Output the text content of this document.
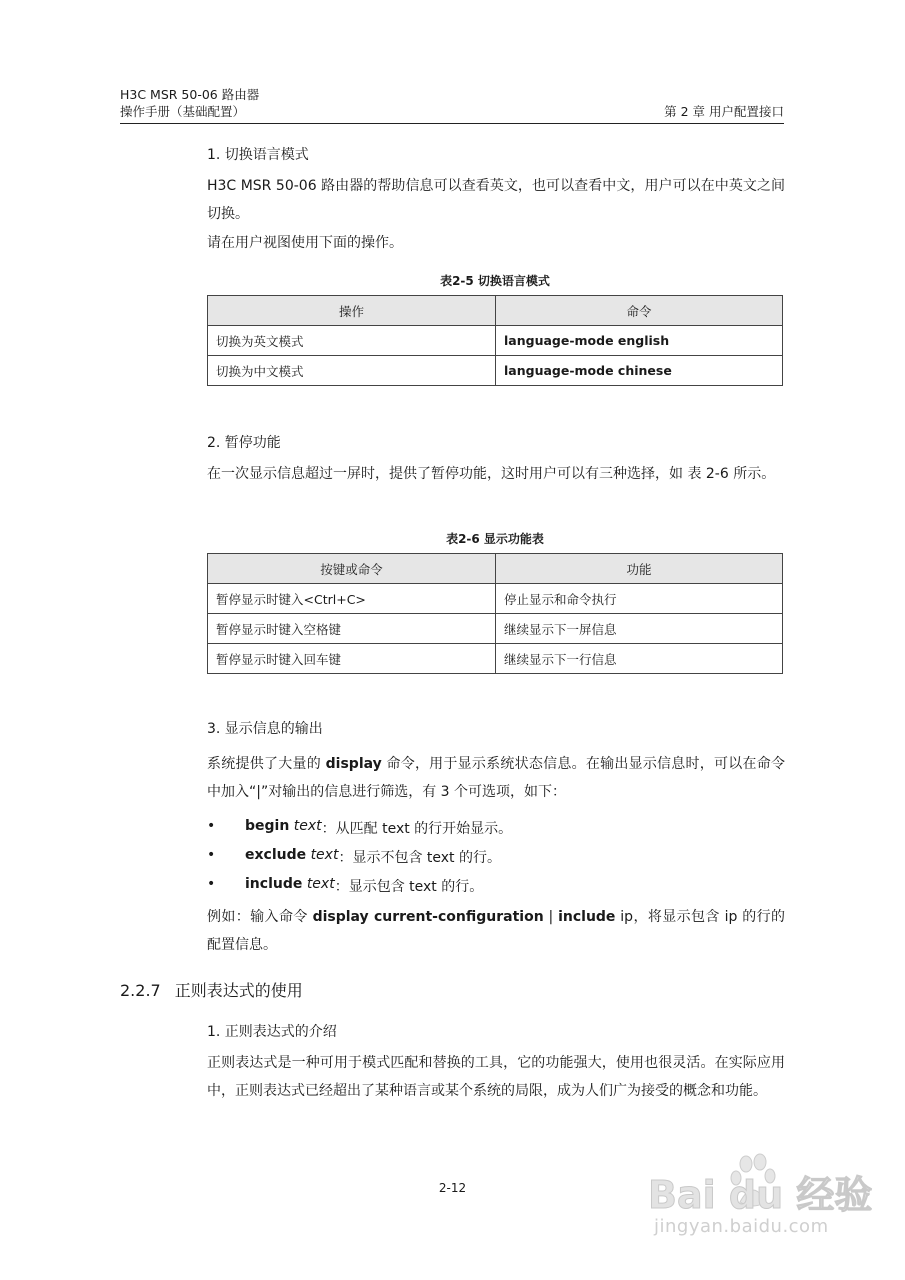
H3C MSR 50-06 路由器
操作手册（基础配置）	第 2 章 用户配置接口
1. 切换语言模式
H3C MSR 50-06 路由器的帮助信息可以查看英文，也可以查看中文，用户可以在中英文之间切换。
请在用户视图使用下面的操作。
表2-5 切换语言模式
操作	命令
切换为英文模式	language-mode english
切换为中文模式	language-mode chinese
2. 暂停功能
在一次显示信息超过一屏时，提供了暂停功能，这时用户可以有三种选择，如 表 2-6 所示。
表2-6 显示功能表
按键或命令	功能
暂停显示时键入<Ctrl+C>	停止显示和命令执行
暂停显示时键入空格键	继续显示下一屏信息
暂停显示时键入回车键	继续显示下一行信息
3. 显示信息的输出
系统提供了大量的 display 命令，用于显示系统状态信息。在输出显示信息时，可以在命令中加入“|”对输出的信息进行筛选，有 3 个可选项，如下：
•	begin
text ：从匹配 text 的行开始显示。
•	exclude
text ：显示不包含 text 的行。
•	include
text ：显示包含 text 的行。
例如：输入命令 display current-configuration | include ip，将显示包含 ip 的行的配置信息。
2.2.7 正则表达式的使用
1. 正则表达式的介绍
正则表达式是一种可用于模式匹配和替换的工具，它的功能强大，使用也很灵活。在实际应用中，正则表达式已经超出了某种语言或某个系统的局限，成为人们广为接受的概念和功能。
2-12	Bai du 经验
jingyan.baidu.com
